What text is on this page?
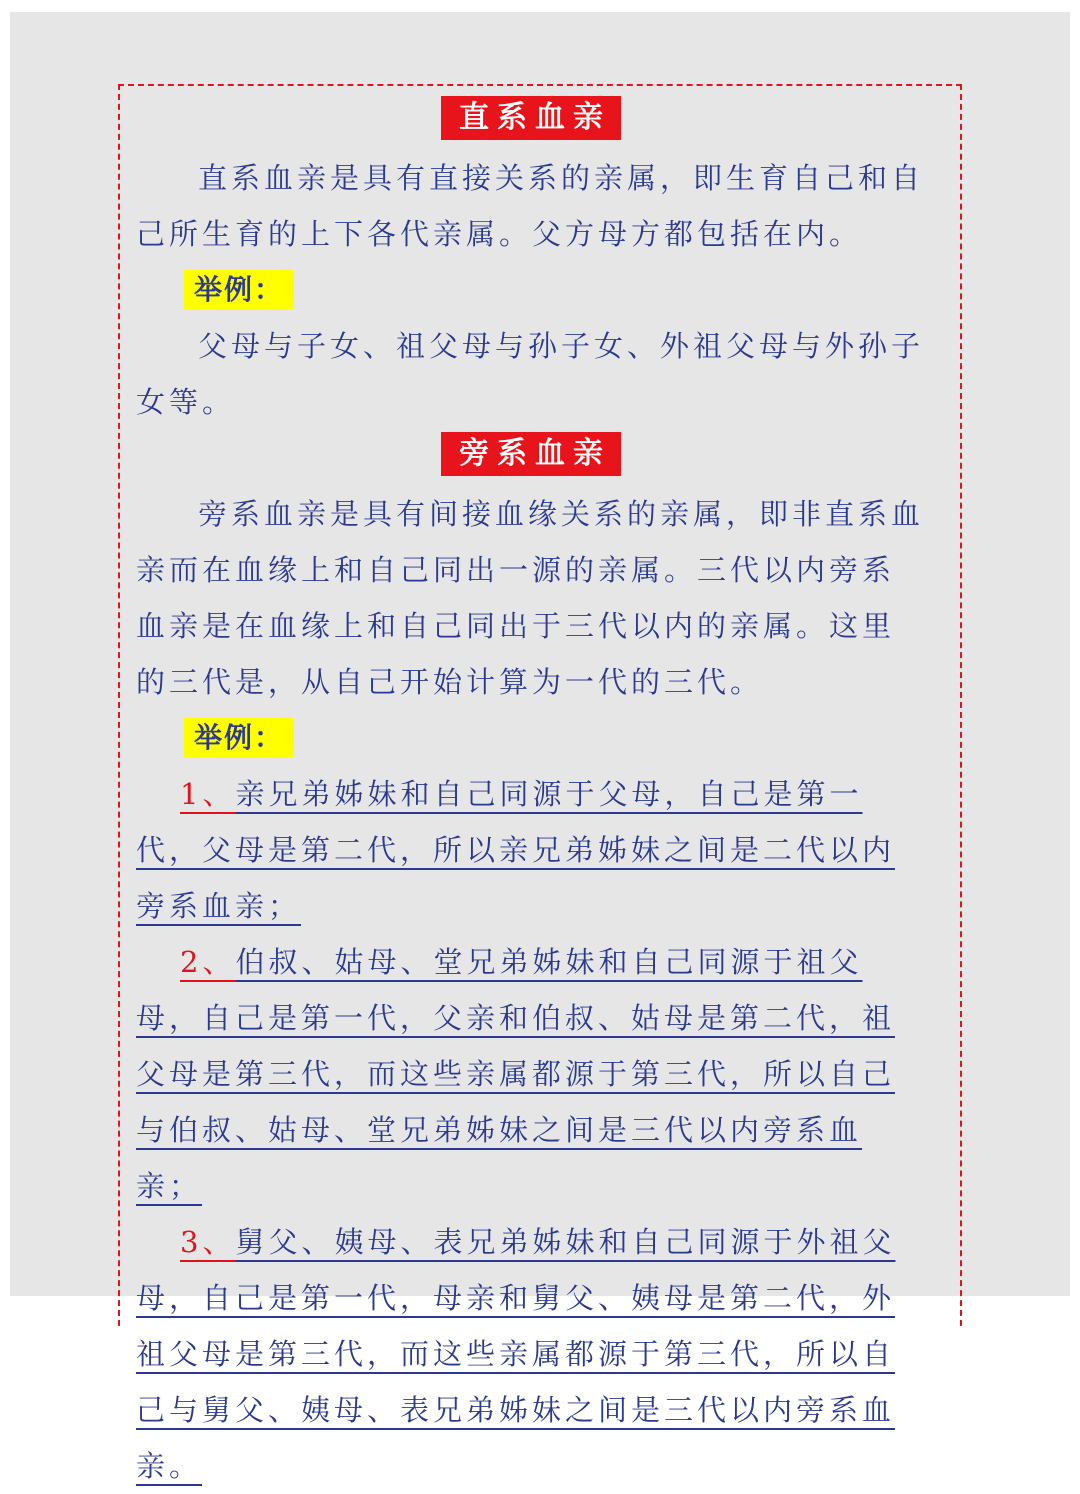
直系血亲

直系血亲是具有直接关系的亲属，即生育自己和自己所生育的上下各代亲属。父方母方都包括在内。

举例：

父母与子女、祖父母与孙子女、外祖父母与外孙子女等。

旁系血亲

旁系血亲是具有间接血缘关系的亲属，即非直系血亲而在血缘上和自己同出一源的亲属。三代以内旁系血亲是在血缘上和自己同出于三代以内的亲属。这里的三代是，从自己开始计算为一代的三代。

举例：

1、亲兄弟姊妹和自己同源于父母，自己是第一代，父母是第二代，所以亲兄弟姊妹之间是二代以内旁系血亲；

2、伯叔、姑母、堂兄弟姊妹和自己同源于祖父母，自己是第一代，父亲和伯叔、姑母是第二代，祖父母是第三代，而这些亲属都源于第三代，所以自己与伯叔、姑母、堂兄弟姊妹之间是三代以内旁系血亲；

3、舅父、姨母、表兄弟姊妹和自己同源于外祖父母，自己是第一代，母亲和舅父、姨母是第二代，外祖父母是第三代，而这些亲属都源于第三代，所以自己与舅父、姨母、表兄弟姊妹之间是三代以内旁系血亲。
